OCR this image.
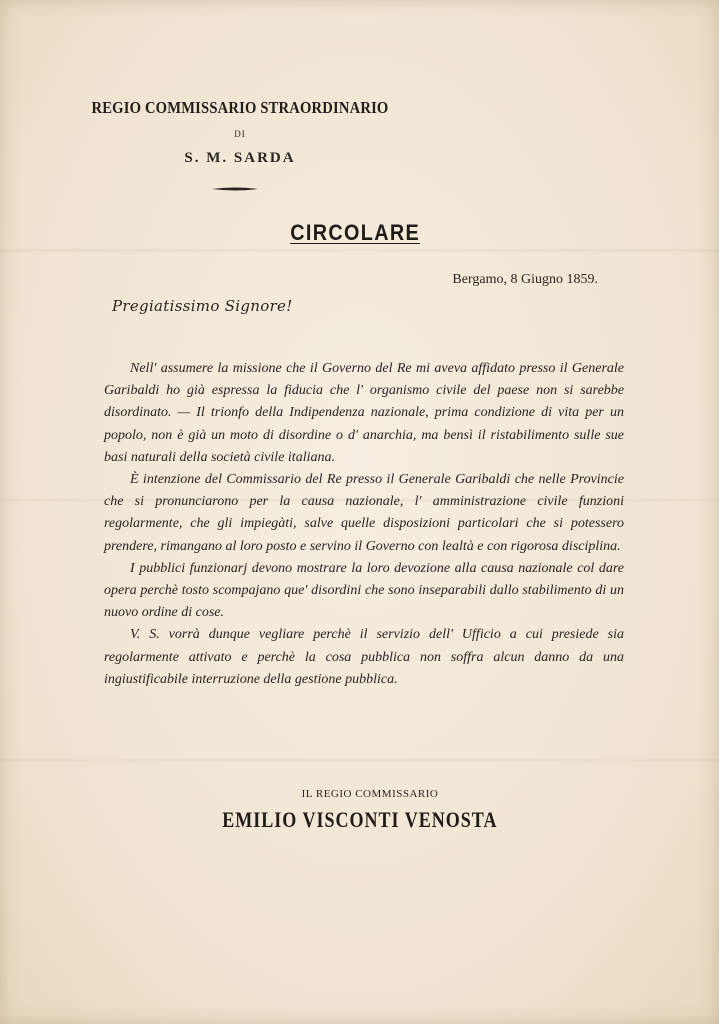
REGIO COMMISSARIO STRAORDINARIO
DI
S. M. SARDA
CIRCOLARE
Bergamo, 8 Giugno 1859.
Pregiatissimo Signore!

Nell' assumere la missione che il Governo del Re mi aveva affidato presso il Generale Garibaldi ho già espressa la fiducia che l' organismo civile del paese non si sarebbe disordinato. — Il trionfo della Indipendenza nazionale, prima condizione di vita per un popolo, non è già un moto di disordine o d' anarchia, ma bensì il ristabilimento sulle sue basi naturali della società civile italiana.

È intenzione del Commissario del Re presso il Generale Garibaldi che nelle Provincie che si pronunciarono per la causa nazionale, l' amministrazione civile funzioni regolarmente, che gli impiegàti, salve quelle disposizioni particolari che si potessero prendere, rimangano al loro posto e servino il Governo con lealtà e con rigorosa disciplina.

I pubblici funzionarj devono mostrare la loro devozione alla causa nazionale col dare opera perchè tosto scompajano que' disordini che sono inseparabili dallo stabilimento di un nuovo ordine di cose.

V. S. vorrà dunque vegliare perchè il servizio dell' Ufficio a cui presiede sia regolarmente attivato e perchè la cosa pubblica non soffra alcun danno da una ingiustificabile interruzione della gestione pubblica.

IL REGIO COMMISSARIO
EMILIO VISCONTI VENOSTA
